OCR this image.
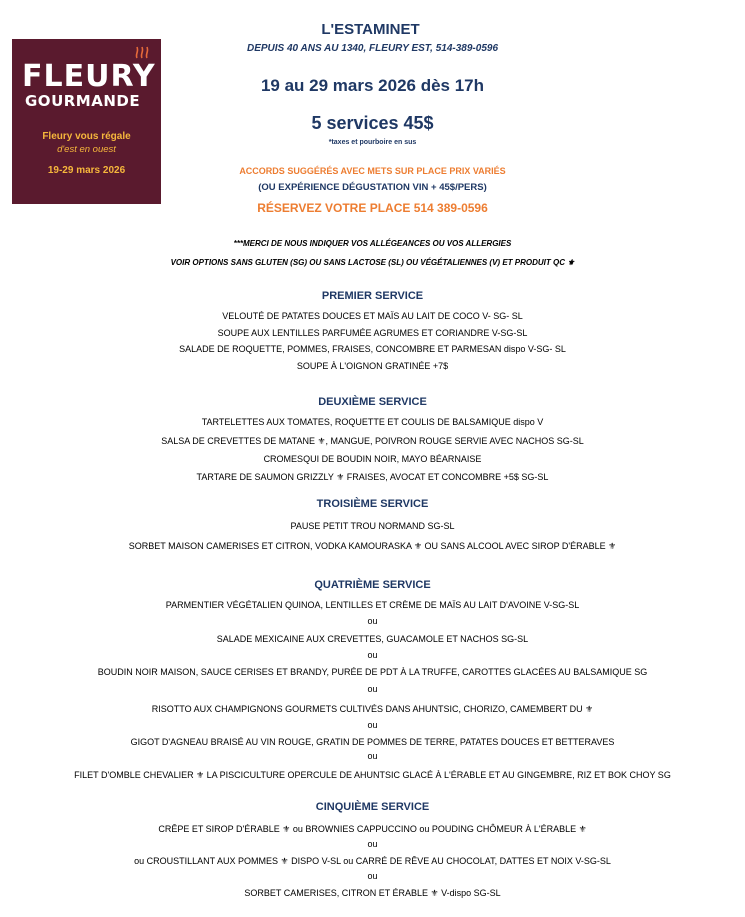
FLEURY
GOURMANDE
Fleury vous régale
d'est en ouest
19-29 mars 2026
L'ESTAMINET
DEPUIS 40 ANS AU 1340, FLEURY EST, 514-389-0596
19 au 29 mars 2026 dès 17h
5 services 45$
*taxes et pourboire en sus
ACCORDS SUGGÉRÉS AVEC METS SUR PLACE PRIX VARIÉS
(OU EXPÉRIENCE DÉGUSTATION VIN + 45$/PERS)
RÉSERVEZ VOTRE PLACE 514 389-0596
***MERCI DE NOUS INDIQUER VOS ALLÉGEANCES OU VOS ALLERGIES
VOIR OPTIONS SANS GLUTEN (SG) OU SANS LACTOSE (SL) OU VÉGÉTALIENNES (V) ET PRODUIT QC ⚜
PREMIER SERVICE
VELOUTÉ DE PATATES DOUCES ET MAÏS AU LAIT DE COCO V- SG- SL
SOUPE AUX LENTILLES PARFUMÉE AGRUMES ET CORIANDRE V-SG-SL
SALADE DE ROQUETTE, POMMES, FRAISES, CONCOMBRE ET PARMESAN dispo V-SG- SL
SOUPE À L'OIGNON GRATINÉE +7$
DEUXIÈME SERVICE
TARTELETTES AUX TOMATES, ROQUETTE ET COULIS DE BALSAMIQUE dispo V
SALSA DE CREVETTES DE MATANE ⚜, MANGUE, POIVRON ROUGE SERVIE AVEC NACHOS SG-SL
CROMESQUI DE BOUDIN NOIR, MAYO BÉARNAISE
TARTARE DE SAUMON GRIZZLY ⚜ FRAISES, AVOCAT ET CONCOMBRE +5$ SG-SL
TROISIÈME SERVICE
PAUSE PETIT TROU NORMAND SG-SL
SORBET MAISON CAMERISES ET CITRON, VODKA KAMOURASKA ⚜ OU SANS ALCOOL AVEC SIROP D'ÉRABLE ⚜
QUATRIÈME SERVICE
PARMENTIER VÉGÉTALIEN QUINOA, LENTILLES ET CRÈME DE MAÏS AU LAIT D'AVOINE V-SG-SL
ou
SALADE MEXICAINE AUX CREVETTES, GUACAMOLE ET NACHOS SG-SL
ou
BOUDIN NOIR MAISON, SAUCE CERISES ET BRANDY, PURÉE DE PDT À LA TRUFFE, CAROTTES GLACÉES AU BALSAMIQUE SG
ou
RISOTTO AUX CHAMPIGNONS GOURMETS CULTIVÉS DANS AHUNTSIC, CHORIZO, CAMEMBERT DU ⚜
ou
GIGOT D'AGNEAU BRAISÉ AU VIN ROUGE, GRATIN DE POMMES DE TERRE, PATATES DOUCES ET BETTERAVES
ou
FILET D'OMBLE CHEVALIER ⚜ LA PISCICULTURE OPERCULE DE AHUNTSIC GLACÉ À L'ÉRABLE ET AU GINGEMBRE, RIZ ET BOK CHOY SG
CINQUIÈME SERVICE
CRÊPE ET SIROP D'ÉRABLE ⚜ ou BROWNIES CAPPUCCINO ou POUDING CHÔMEUR À L'ÉRABLE ⚜
ou
ou CROUSTILLANT AUX POMMES ⚜ DISPO V-SL ou CARRÉ DE RÊVE AU CHOCOLAT, DATTES ET NOIX V-SG-SL
ou
SORBET CAMERISES, CITRON ET ÉRABLE ⚜ V-dispo SG-SL
